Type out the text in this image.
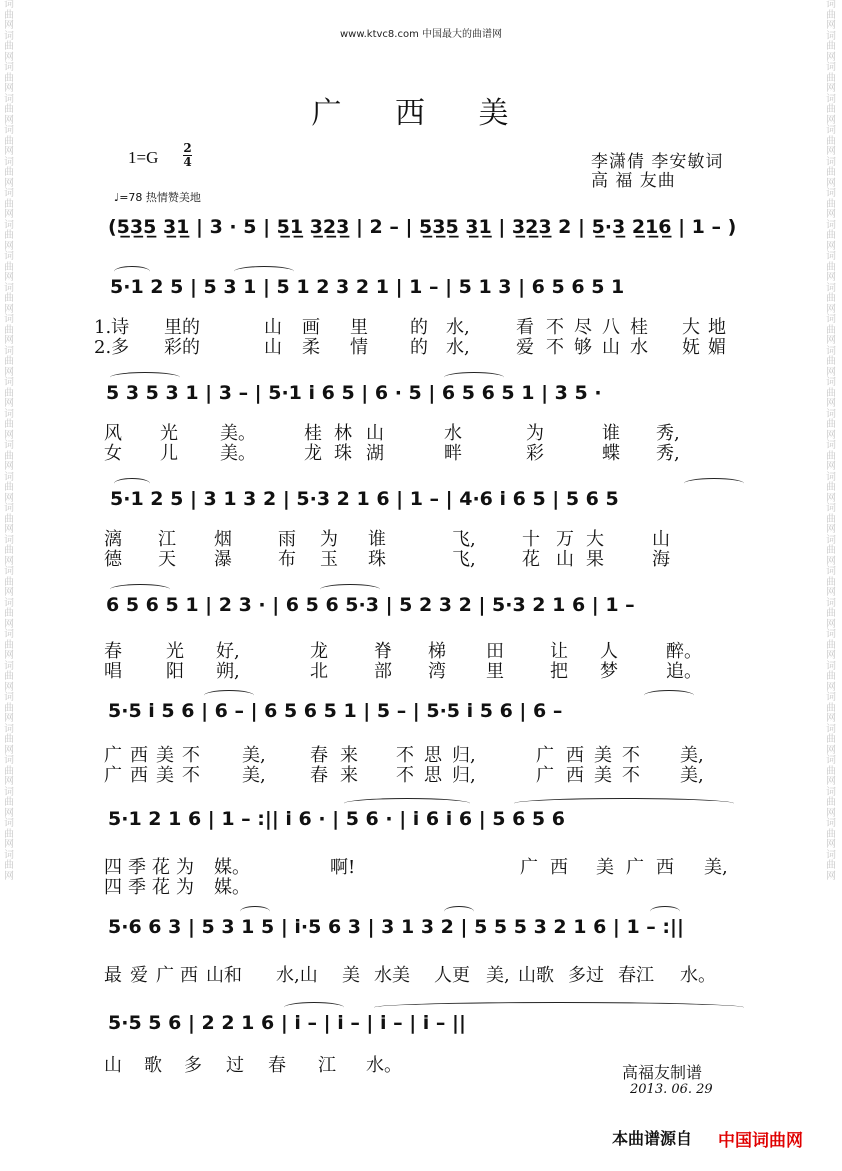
词曲网词曲网词曲网词曲网词曲网词曲网词曲网词曲网词曲网词曲网词曲网词曲网词曲网词曲网词曲网词曲网词曲网词曲网词曲网词曲网词曲网词曲网词曲网词曲网词曲网词曲网词曲网词曲网
词曲网词曲网词曲网词曲网词曲网词曲网词曲网词曲网词曲网词曲网词曲网词曲网词曲网词曲网词曲网词曲网词曲网词曲网词曲网词曲网词曲网词曲网词曲网词曲网词曲网词曲网词曲网词曲网
www.ktvc8.com 中国最大的曲谱网
广 西 美
1=G 2
4	李潇倩 李安敏词
高 福 友曲
♩=78 热情赞美地
(5̲3̲5̲ 3̲1̲ | 3 · 5 | 5̲1̲ 3̲2̲3̲ | 2 – | 5̲3̲5̲ 3̲1̲ | 3̲2̲3̲ 2 | 5̲·3̲ 2̲1̲6̲ | 1 – )
5·1 2 5 | 5 3 1 | 5 1 2 3 2 1 | 1 – | 5 1 3 | 6 5 6 5 1
5 3 5 3 1 | 3 – | 5·1 i 6 5 | 6 · 5 | 6 5 6 5 1 | 3 5 ·
5·1 2 5 | 3 1 3 2 | 5·3 2 1 6 | 1 – | 4·6 i 6 5 | 5 6 5
6 5 6 5 1 | 2 3 · | 6 5 6 5·3 | 5 2 3 2 | 5·3 2 1 6 | 1 –
5·5 i 5 6 | 6 – | 6 5 6 5 1 | 5 – | 5·5 i 5 6 | 6 –
5·1 2 1 6 | 1 – :|| i 6 · | 5 6 · | i 6 i 6 | 5 6 5 6
5·6 6 3 | 5 3 1 5 | i·5 6 3 | 3 1 3 2 | 5 5 5 3 2 1 6 | 1 – :||
5·5 5 6 | 2 2 1 6 | i – | i – | i – | i – ||
1.诗 里的	山 画 里 的 水,	看 不 尽 八 桂 大 地
2.多 彩的	山 柔 情 的 水,	爱 不 够 山 水 妩 媚
风 光 美。	桂 林 山	水	为	谁 秀,
女 儿 美。	龙 珠 湖	畔	彩	蝶 秀,
漓 江 烟	雨 为 谁	飞,	十 万 大	山
德 天 瀑	布 玉 珠	飞,	花 山 果	海
春 光 好,	龙	脊 梯 田	让 人	醉。
唱 阳 朔,	北	部 湾 里	把 梦	追。
广 西 美 不 美, 春 来 不 思 归,	广 西 美 不 美,
广 西 美 不 美, 春 来 不 思 归,	广 西 美 不 美,
四 季 花 为 媒。	啊!	广 西 美 广 西 美,
四 季 花 为 媒。
最 爱 广 西 山和 水,山 美 水美 人更 美, 山歌 多过 春江 水。
山 歌 多 过 春 江 水。	高福友制谱
2013. 06. 29
本曲谱源自 中国词曲网
